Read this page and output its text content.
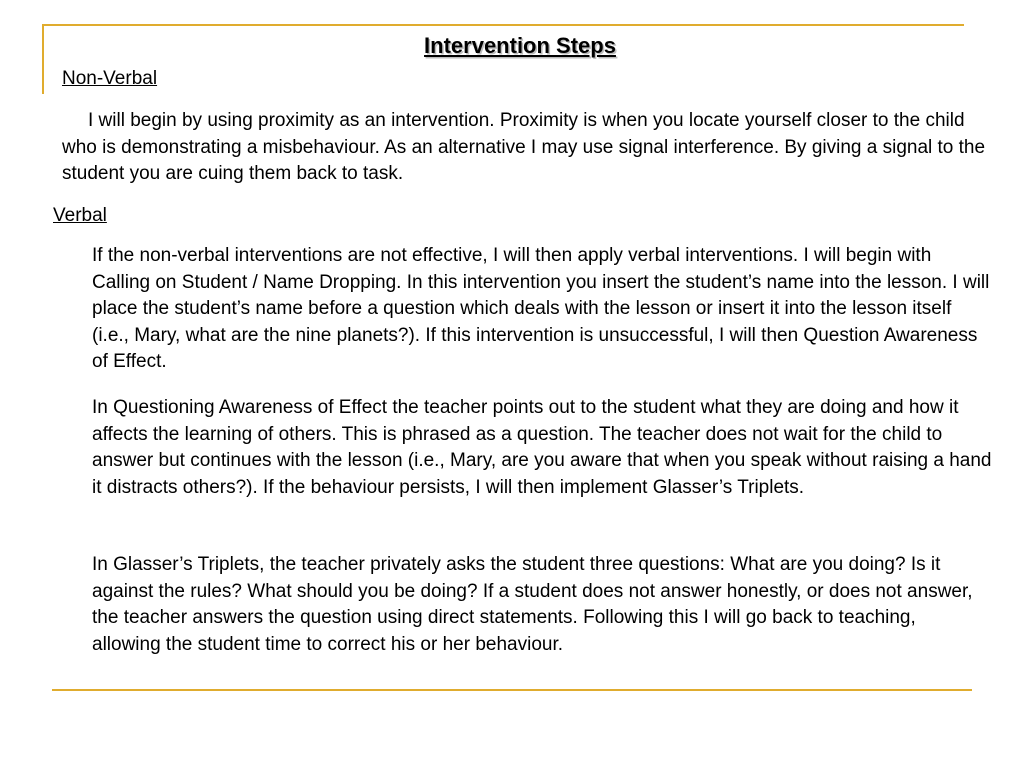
Intervention Steps
Non-Verbal

I will begin by using proximity as an intervention. Proximity is when you locate yourself closer to the child who is demonstrating a misbehaviour. As an alternative I may use signal interference. By giving a signal to the student you are cuing them back to task.

Verbal

If the non-verbal interventions are not effective, I will then apply verbal interventions. I will begin with Calling on Student / Name Dropping. In this intervention you insert the student’s name into the lesson. I will place the student’s name before a question which deals with the lesson or insert it into the lesson itself (i.e., Mary, what are the nine planets?). If this intervention is unsuccessful, I will then Question Awareness of Effect.

In Questioning Awareness of Effect the teacher points out to the student what they are doing and how it affects the learning of others. This is phrased as a question. The teacher does not wait for the child to answer but continues with the lesson (i.e., Mary, are you aware that when you speak without raising a hand it distracts others?). If the behaviour persists, I will then implement Glasser’s Triplets.

In Glasser’s Triplets, the teacher privately asks the student three questions: What are you doing? Is it against the rules? What should you be doing? If a student does not answer honestly, or does not answer, the teacher answers the question using direct statements. Following this I will go back to teaching, allowing the student time to correct his or her behaviour.
